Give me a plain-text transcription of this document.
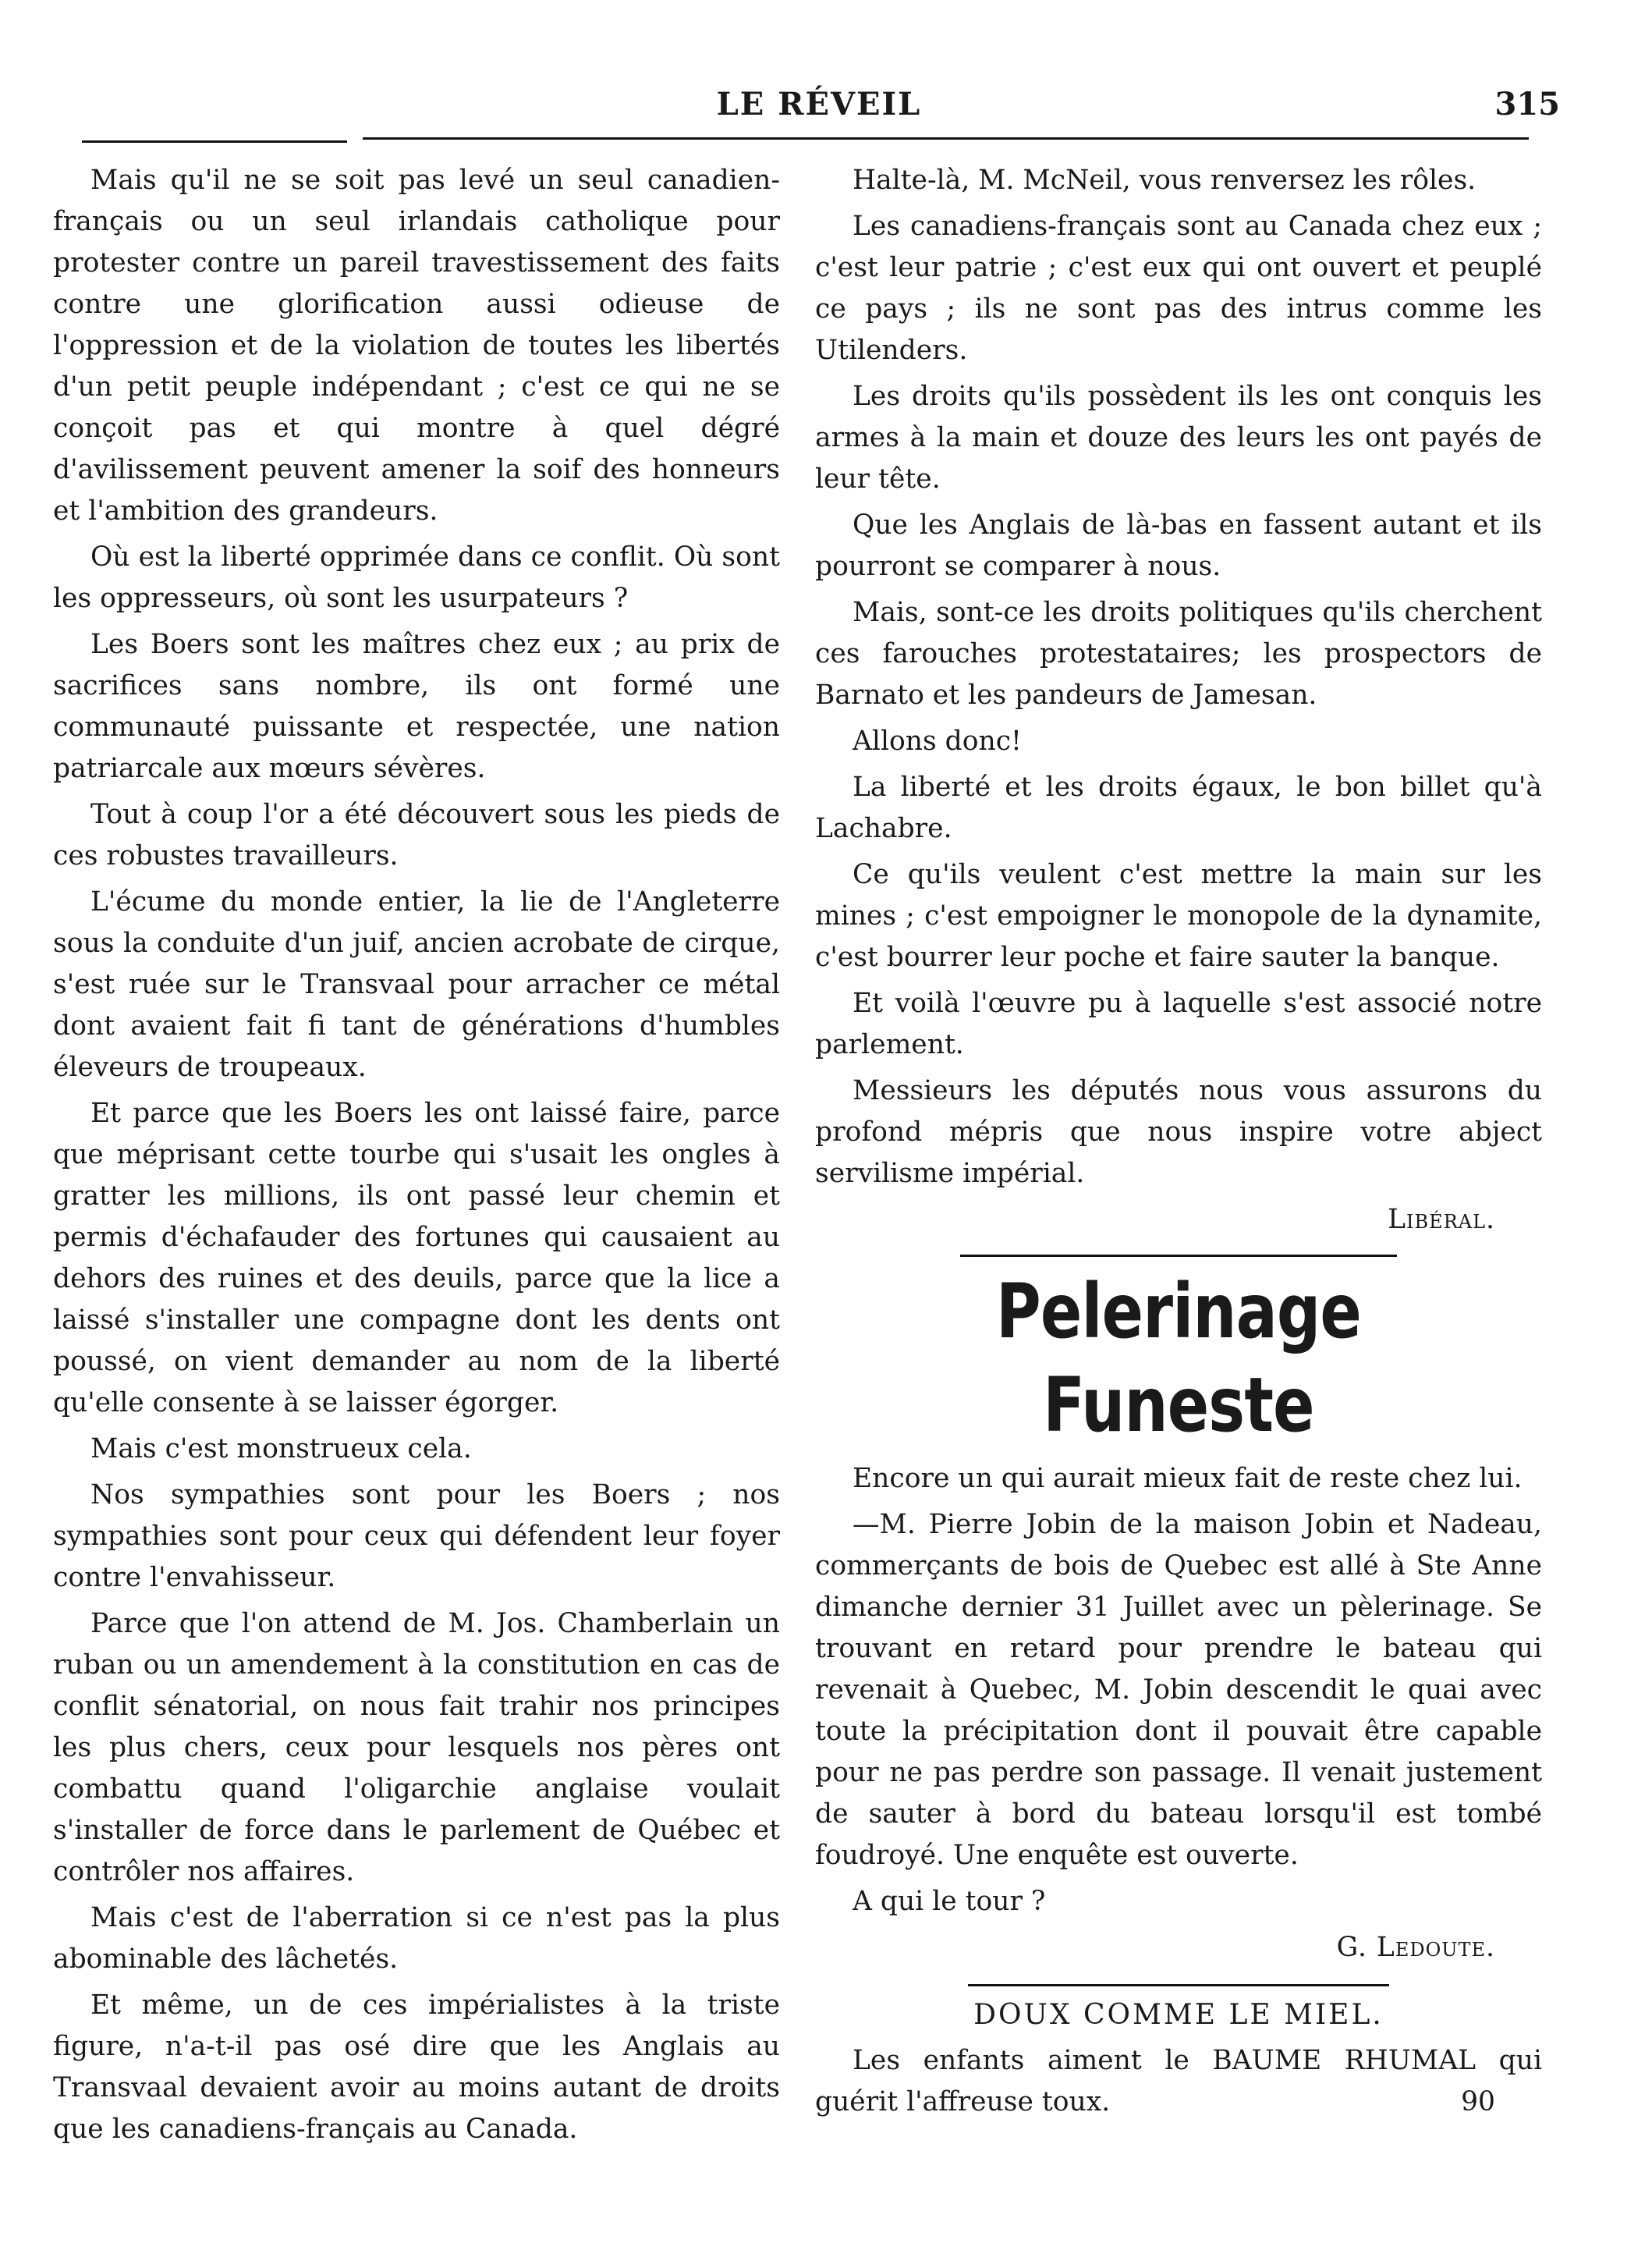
LE RÉVEIL	315

Mais qu'il ne se soit pas levé un seul canadien-français ou un seul irlandais catholique pour protester contre un pareil travestissement des faits contre une glorification aussi odieuse de l'oppression et de la violation de toutes les libertés d'un petit peuple indépendant ; c'est ce qui ne se conçoit pas et qui montre à quel dégré d'avilissement peuvent amener la soif des honneurs et l'ambition des grandeurs.

Où est la liberté opprimée dans ce conflit. Où sont les oppresseurs, où sont les usurpateurs ?

Les Boers sont les maîtres chez eux ; au prix de sacrifices sans nombre, ils ont formé une communauté puissante et respectée, une nation patriarcale aux mœurs sévères.

Tout à coup l'or a été découvert sous les pieds de ces robustes travailleurs.

L'écume du monde entier, la lie de l'Angleterre sous la conduite d'un juif, ancien acrobate de cirque, s'est ruée sur le Transvaal pour arracher ce métal dont avaient fait fi tant de générations d'humbles éleveurs de troupeaux.

Et parce que les Boers les ont laissé faire, parce que méprisant cette tourbe qui s'usait les ongles à gratter les millions, ils ont passé leur chemin et permis d'échafauder des fortunes qui causaient au dehors des ruines et des deuils, parce que la lice a laissé s'installer une compagne dont les dents ont poussé, on vient demander au nom de la liberté qu'elle consente à se laisser égorger.

Mais c'est monstrueux cela.

Nos sympathies sont pour les Boers ; nos sympathies sont pour ceux qui défendent leur foyer contre l'envahisseur.

Parce que l'on attend de M. Jos. Chamberlain un ruban ou un amendement à la constitution en cas de conflit sénatorial, on nous fait trahir nos principes les plus chers, ceux pour lesquels nos pères ont combattu quand l'oligarchie anglaise voulait s'installer de force dans le parlement de Québec et contrôler nos affaires.

Mais c'est de l'aberration si ce n'est pas la plus abominable des lâchetés.

Et même, un de ces impérialistes à la triste figure, n'a-t-il pas osé dire que les Anglais au Transvaal devaient avoir au moins autant de droits que les canadiens-français au Canada.

Halte-là, M. McNeil, vous renversez les rôles.

Les canadiens-français sont au Canada chez eux ; c'est leur patrie ; c'est eux qui ont ouvert et peuplé ce pays ; ils ne sont pas des intrus comme les Utilenders.

Les droits qu'ils possèdent ils les ont conquis les armes à la main et douze des leurs les ont payés de leur tête.

Que les Anglais de là-bas en fassent autant et ils pourront se comparer à nous.

Mais, sont-ce les droits politiques qu'ils cherchent ces farouches protestataires; les prospectors de Barnato et les pandeurs de Jamesan.

Allons donc!

La liberté et les droits égaux, le bon billet qu'à Lachabre.

Ce qu'ils veulent c'est mettre la main sur les mines ; c'est empoigner le monopole de la dynamite, c'est bourrer leur poche et faire sauter la banque.

Et voilà l'œuvre pu à laquelle s'est associé notre parlement.

Messieurs les députés nous vous assurons du profond mépris que nous inspire votre abject servilisme impérial.

Libéral.

Pelerinage Funeste

Encore un qui aurait mieux fait de reste chez lui.

—M. Pierre Jobin de la maison Jobin et Nadeau, commerçants de bois de Quebec est allé à Ste Anne dimanche dernier 31 Juillet avec un pèlerinage. Se trouvant en retard pour prendre le bateau qui revenait à Quebec, M. Jobin descendit le quai avec toute la précipitation dont il pouvait être capable pour ne pas perdre son passage. Il venait justement de sauter à bord du bateau lorsqu'il est tombé foudroyé. Une enquête est ouverte.

A qui le tour ?

G. Ledoute.

DOUX COMME LE MIEL.

Les enfants aiment le BAUME RHUMAL qui guérit l'affreuse toux.	90
